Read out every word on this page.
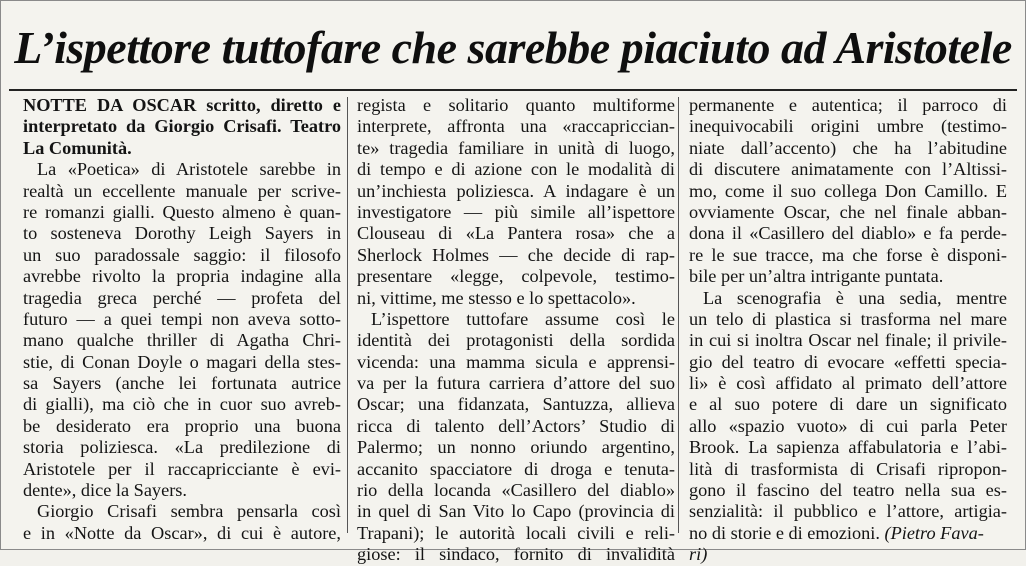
L’ispettore tuttofare che sarebbe piaciuto ad Aristotele
NOTTE DA OSCAR scritto, diretto e
interpretato da Giorgio Crisafi. Teatro
La Comunità.
La «Poetica» di Aristotele sarebbe in
realtà un eccellente manuale per scrive-
re romanzi gialli. Questo almeno è quan-
to sosteneva Dorothy Leigh Sayers in
un suo paradossale saggio: il filosofo
avrebbe rivolto la propria indagine alla
tragedia greca perché — profeta del
futuro — a quei tempi non aveva sotto-
mano qualche thriller di Agatha Chri-
stie, di Conan Doyle o magari della stes-
sa Sayers (anche lei fortunata autrice
di gialli), ma ciò che in cuor suo avreb-
be desiderato era proprio una buona
storia poliziesca. «La predilezione di
Aristotele per il raccapricciante è evi-
dente», dice la Sayers.
Giorgio Crisafi sembra pensarla così
e in «Notte da Oscar», di cui è autore,
regista e solitario quanto multiforme
interprete, affronta una «raccapriccian-
te» tragedia familiare in unità di luogo,
di tempo e di azione con le modalità di
un’inchiesta poliziesca. A indagare è un
investigatore — più simile all’ispettore
Clouseau di «La Pantera rosa» che a
Sherlock Holmes — che decide di rap-
presentare «legge, colpevole, testimo-
ni, vittime, me stesso e lo spettacolo».
L’ispettore tuttofare assume così le
identità dei protagonisti della sordida
vicenda: una mamma sicula e apprensi-
va per la futura carriera d’attore del suo
Oscar; una fidanzata, Santuzza, allieva
ricca di talento dell’Actors’ Studio di
Palermo; un nonno oriundo argentino,
accanito spacciatore di droga e tenuta-
rio della locanda «Casillero del diablo»
in quel di San Vito lo Capo (provincia di
Trapani); le autorità locali civili e reli-
giose: il sindaco, fornito di invalidità
permanente e autentica; il parroco di
inequivocabili origini umbre (testimo-
niate dall’accento) che ha l’abitudine
di discutere animatamente con l’Altissi-
mo, come il suo collega Don Camillo. E
ovviamente Oscar, che nel finale abban-
dona il «Casillero del diablo» e fa perde-
re le sue tracce, ma che forse è disponi-
bile per un’altra intrigante puntata.
La scenografia è una sedia, mentre
un telo di plastica si trasforma nel mare
in cui si inoltra Oscar nel finale; il privile-
gio del teatro di evocare «effetti specia-
li» è così affidato al primato dell’attore
e al suo potere di dare un significato
allo «spazio vuoto» di cui parla Peter
Brook. La sapienza affabulatoria e l’abi-
lità di trasformista di Crisafi ripropon-
gono il fascino del teatro nella sua es-
senzialità: il pubblico e l’attore, artigia-
no di storie e di emozioni. (Pietro Fava-
ri)
